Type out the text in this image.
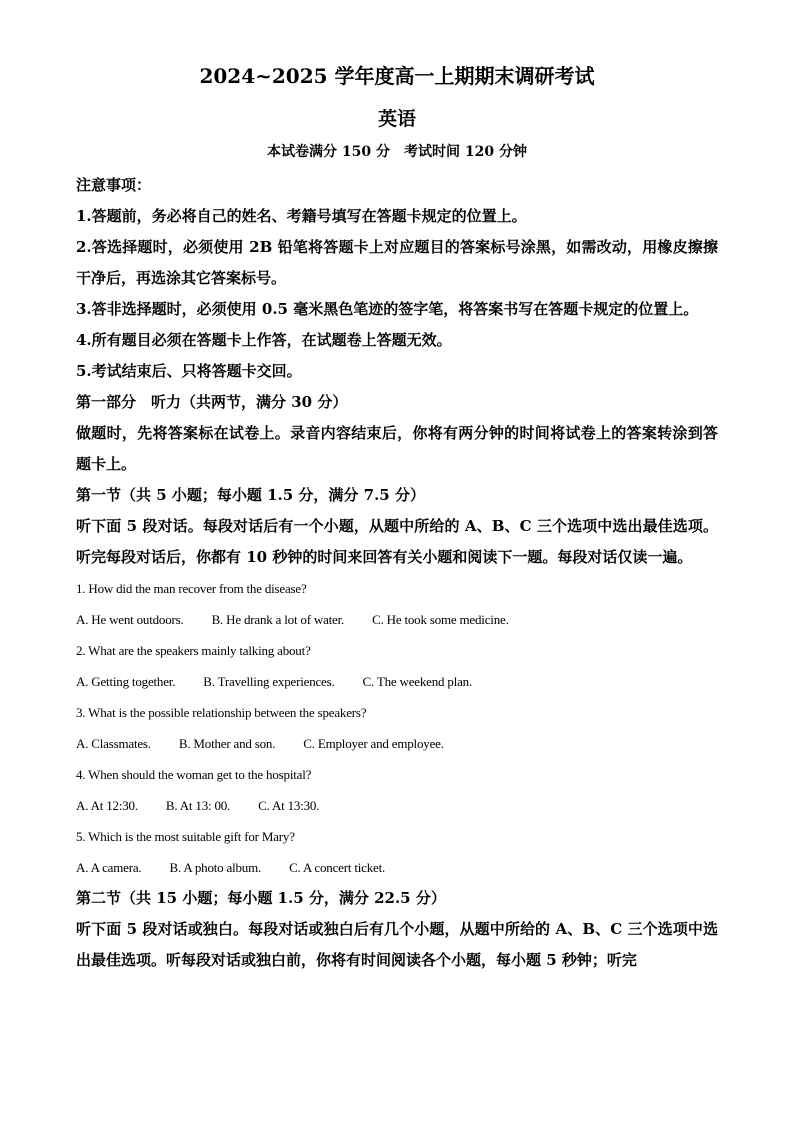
2024~2025 学年度高一上期期末调研考试
英语

本试卷满分 150 分　考试时间 120 分钟

注意事项：

1.答题前，务必将自己的姓名、考籍号填写在答题卡规定的位置上。

2.答选择题时，必须使用 2B 铅笔将答题卡上对应题目的答案标号涂黑，如需改动，用橡皮擦擦干净后，再选涂其它答案标号。

3.答非选择题时，必须使用 0.5 毫米黑色笔迹的签字笔，将答案书写在答题卡规定的位置上。

4.所有题目必须在答题卡上作答，在试题卷上答题无效。

5.考试结束后、只将答题卡交回。

第一部分　听力（共两节，满分 30 分）

做题时，先将答案标在试卷上。录音内容结束后，你将有两分钟的时间将试卷上的答案转涂到答题卡上。

第一节（共 5 小题；每小题 1.5 分，满分 7.5 分）

听下面 5 段对话。每段对话后有一个小题，从题中所给的 A、B、C 三个选项中选出最佳选项。听完每段对话后，你都有 10 秒钟的时间来回答有关小题和阅读下一题。每段对话仅读一遍。

1. How did the man recover from the disease?

A. He went outdoors. B. He drank a lot of water. C. He took some medicine.

2. What are the speakers mainly talking about?

A. Getting together. B. Travelling experiences. C. The weekend plan.

3. What is the possible relationship between the speakers?

A. Classmates. B. Mother and son. C. Employer and employee.

4. When should the woman get to the hospital?

A. At 12:30. B. At 13: 00. C. At 13:30.

5. Which is the most suitable gift for Mary?

A. A camera. B. A photo album. C. A concert ticket.

第二节（共 15 小题；每小题 1.5 分，满分 22.5 分）

听下面 5 段对话或独白。每段对话或独白后有几个小题，从题中所给的 A、B、C 三个选项中选出最佳选项。听每段对话或独白前，你将有时间阅读各个小题，每小题 5 秒钟；听完
